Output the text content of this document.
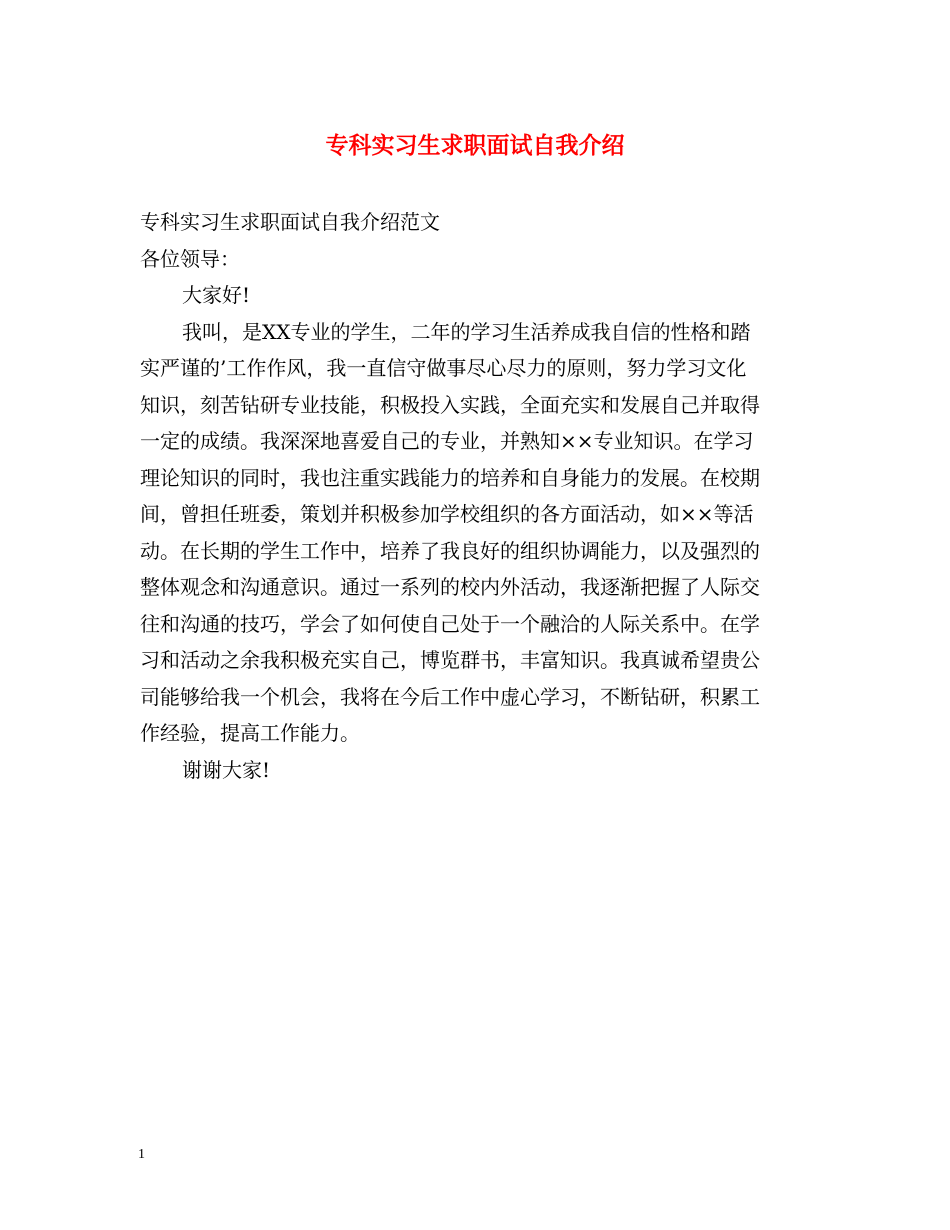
专科实习生求职面试自我介绍

专科实习生求职面试自我介绍范文

各位领导：

大家好!

我叫，是XX专业的学生，二年的学习生活养成我自信的性格和踏

实严谨的’工作作风，我一直信守做事尽心尽力的原则，努力学习文化

知识，刻苦钻研专业技能，积极投入实践，全面充实和发展自己并取得

一定的成绩。我深深地喜爱自己的专业，并熟知××专业知识。在学习

理论知识的同时，我也注重实践能力的培养和自身能力的发展。在校期

间，曾担任班委，策划并积极参加学校组织的各方面活动，如××等活

动。在长期的学生工作中，培养了我良好的组织协调能力，以及强烈的

整体观念和沟通意识。通过一系列的校内外活动，我逐渐把握了人际交

往和沟通的技巧，学会了如何使自己处于一个融洽的人际关系中。在学

习和活动之余我积极充实自己，博览群书，丰富知识。我真诚希望贵公

司能够给我一个机会，我将在今后工作中虚心学习，不断钻研，积累工

作经验，提高工作能力。

谢谢大家!

1
